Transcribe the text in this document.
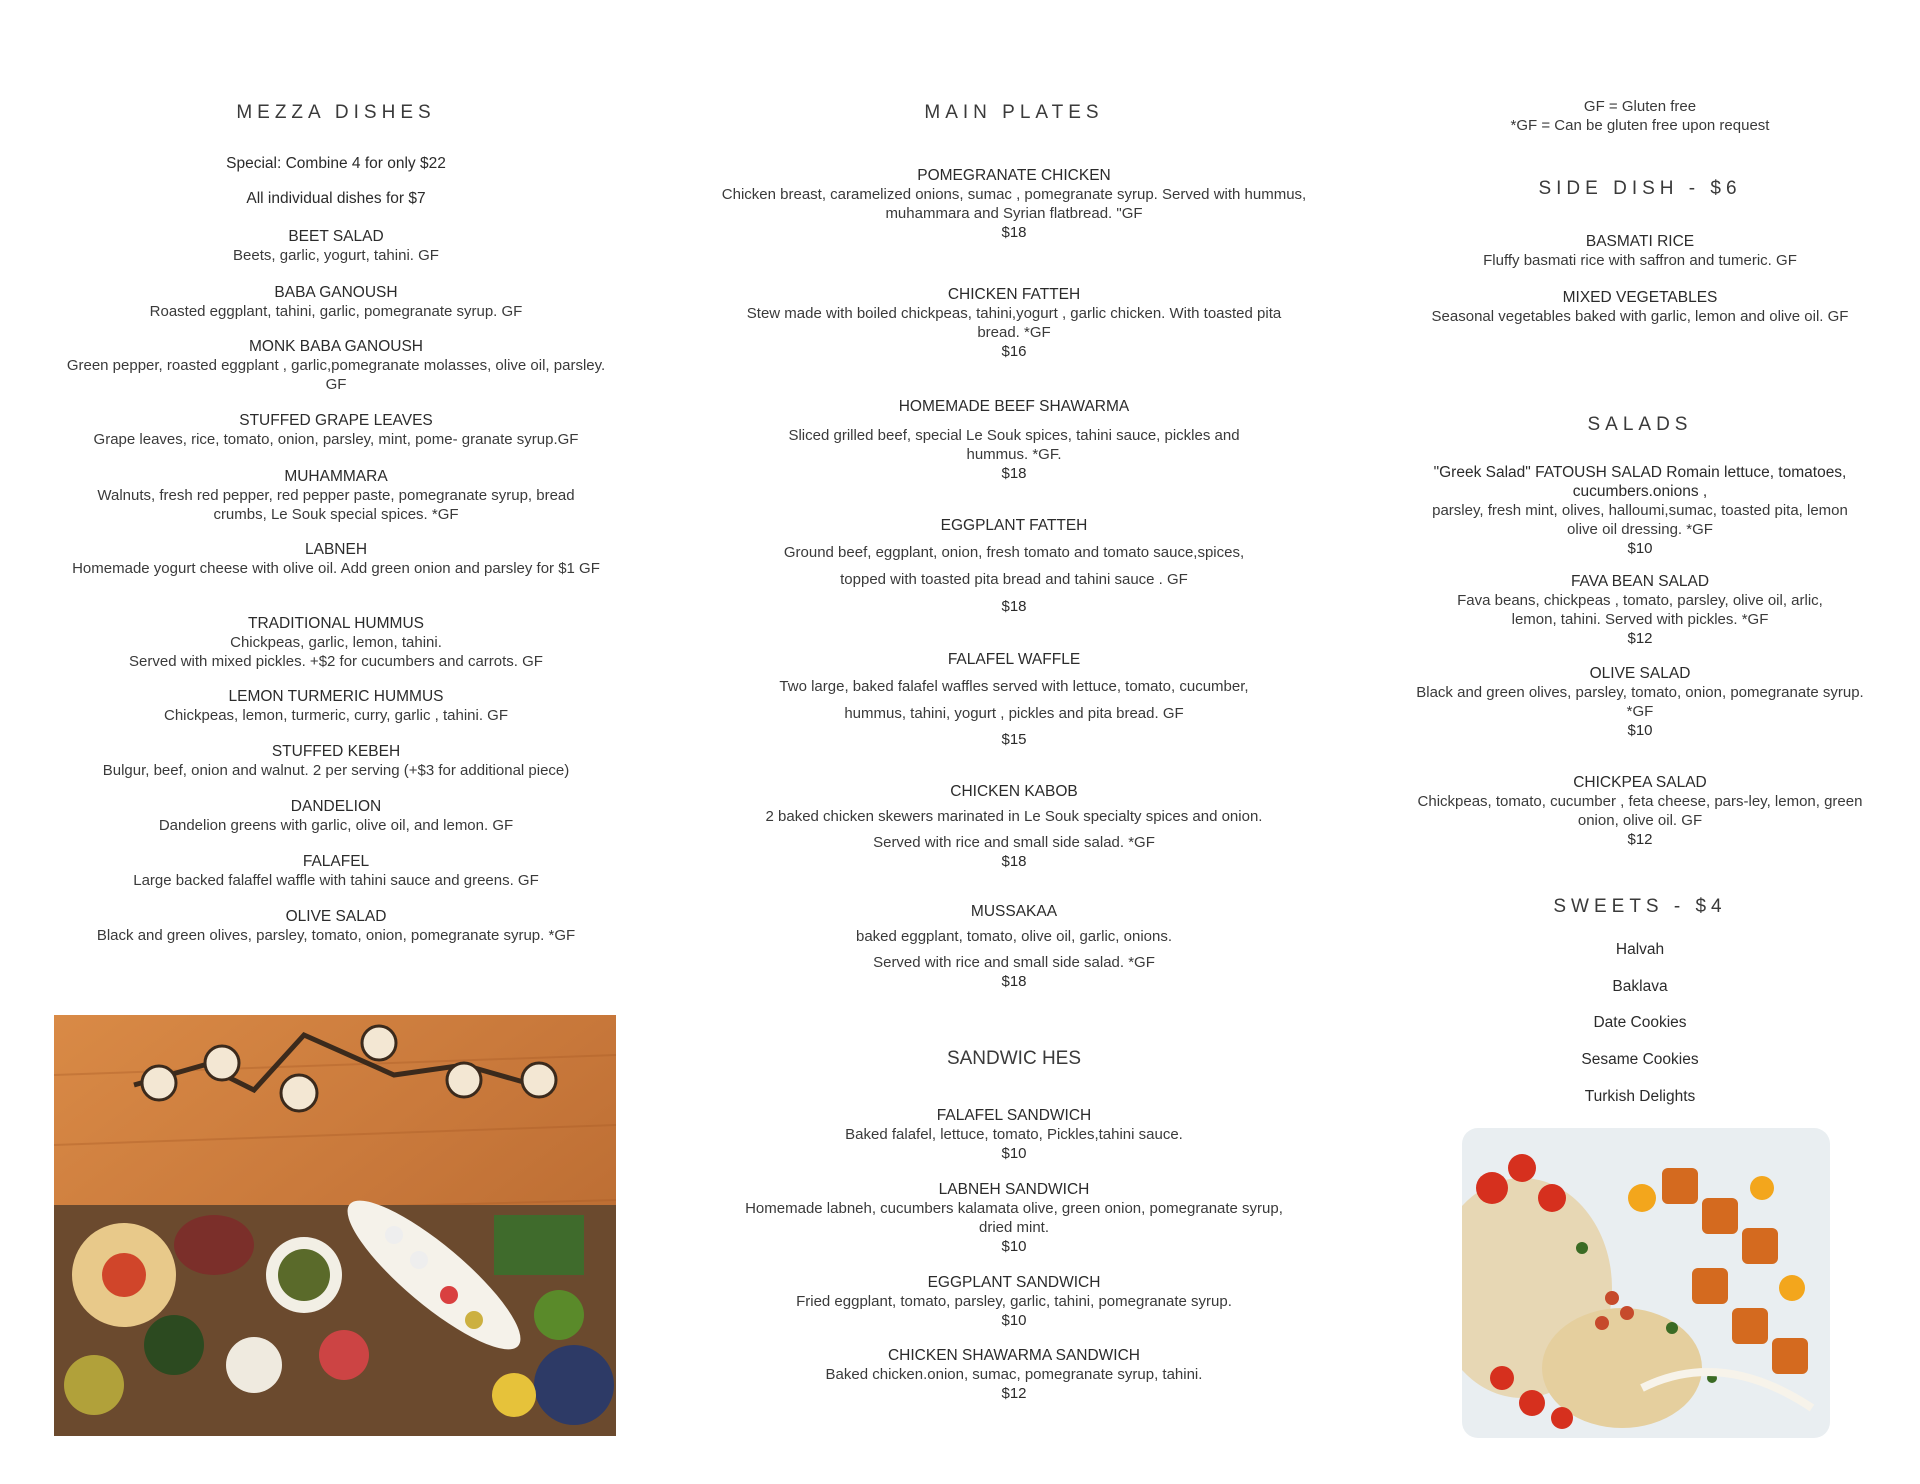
MEZZA DISHES
Special: Combine 4 for only $22
All individual dishes for $7
BEET SALAD
Beets, garlic, yogurt, tahini. GF
BABA GANOUSH
Roasted eggplant, tahini, garlic, pomegranate syrup. GF
MONK BABA GANOUSH
Green pepper, roasted eggplant , garlic,pomegranate molasses, olive oil, parsley. GF
STUFFED GRAPE LEAVES
Grape leaves, rice, tomato, onion, parsley, mint, pome- granate syrup.GF
MUHAMMARA
Walnuts, fresh red pepper, red pepper paste, pomegranate syrup, bread crumbs, Le Souk special spices. *GF
LABNEH
Homemade yogurt cheese with olive oil. Add green onion and parsley for $1 GF
TRADITIONAL HUMMUS
Chickpeas, garlic, lemon, tahini.
Served with mixed pickles. +$2 for cucumbers and carrots. GF
LEMON TURMERIC HUMMUS
Chickpeas, lemon, turmeric, curry, garlic , tahini. GF
STUFFED KEBEH
Bulgur, beef, onion and walnut. 2 per serving (+$3 for additional piece)
DANDELION
Dandelion greens with garlic, olive oil, and lemon. GF
FALAFEL
Large backed falaffel waffle with tahini sauce and greens. GF
OLIVE SALAD
Black and green olives, parsley, tomato, onion, pomegranate syrup. *GF
MAIN PLATES
POMEGRANATE CHICKEN
Chicken breast, caramelized onions, sumac , pomegranate syrup. Served with hummus, muhammara and Syrian flatbread. "GF
$18
CHICKEN FATTEH
Stew made with boiled chickpeas, tahini,yogurt , garlic chicken. With toasted pita bread. *GF
$16
HOMEMADE BEEF SHAWARMA
Sliced grilled beef, special Le Souk spices, tahini sauce, pickles and hummus. *GF.
$18
EGGPLANT FATTEH
Ground beef, eggplant, onion, fresh tomato and tomato sauce,spices,
topped with toasted pita bread and tahini sauce . GF
$18
FALAFEL WAFFLE
Two large, baked falafel waffles served with lettuce, tomato, cucumber,
hummus, tahini, yogurt , pickles and pita bread. GF
$15
CHICKEN KABOB
2 baked chicken skewers marinated in Le Souk specialty spices and onion.
Served with rice and small side salad. *GF
$18
MUSSAKAA
baked eggplant, tomato, olive oil, garlic, onions.
Served with rice and small side salad. *GF
$18
SANDWIC HES
FALAFEL SANDWICH
Baked falafel, lettuce, tomato, Pickles,tahini sauce.
$10
LABNEH SANDWICH
Homemade labneh, cucumbers kalamata olive, green onion, pomegranate syrup, dried mint.
$10
EGGPLANT SANDWICH
Fried eggplant, tomato, parsley, garlic, tahini, pomegranate syrup.
$10
CHICKEN SHAWARMA SANDWICH
Baked chicken.onion, sumac, pomegranate syrup, tahini.
$12
GF = Gluten free
*GF = Can be gluten free upon request
SIDE DISH - $6
BASMATI RICE
Fluffy basmati rice with saffron and tumeric. GF
MIXED VEGETABLES
Seasonal vegetables baked with garlic, lemon and olive oil. GF
SALADS
"Greek Salad" FATOUSH SALAD Romain lettuce, tomatoes, cucumbers.onions ,
parsley, fresh mint, olives, halloumi,sumac, toasted pita, lemon olive oil dressing. *GF
$10
FAVA BEAN SALAD
Fava beans, chickpeas , tomato, parsley, olive oil, arlic, lemon, tahini. Served with pickles. *GF
$12
OLIVE SALAD
Black and green olives, parsley, tomato, onion, pomegranate syrup. *GF
$10
CHICKPEA SALAD
Chickpeas, tomato, cucumber , feta cheese, pars-ley, lemon, green onion, olive oil. GF
$12
SWEETS - $4
Halvah
Baklava
Date Cookies
Sesame Cookies
Turkish Delights
